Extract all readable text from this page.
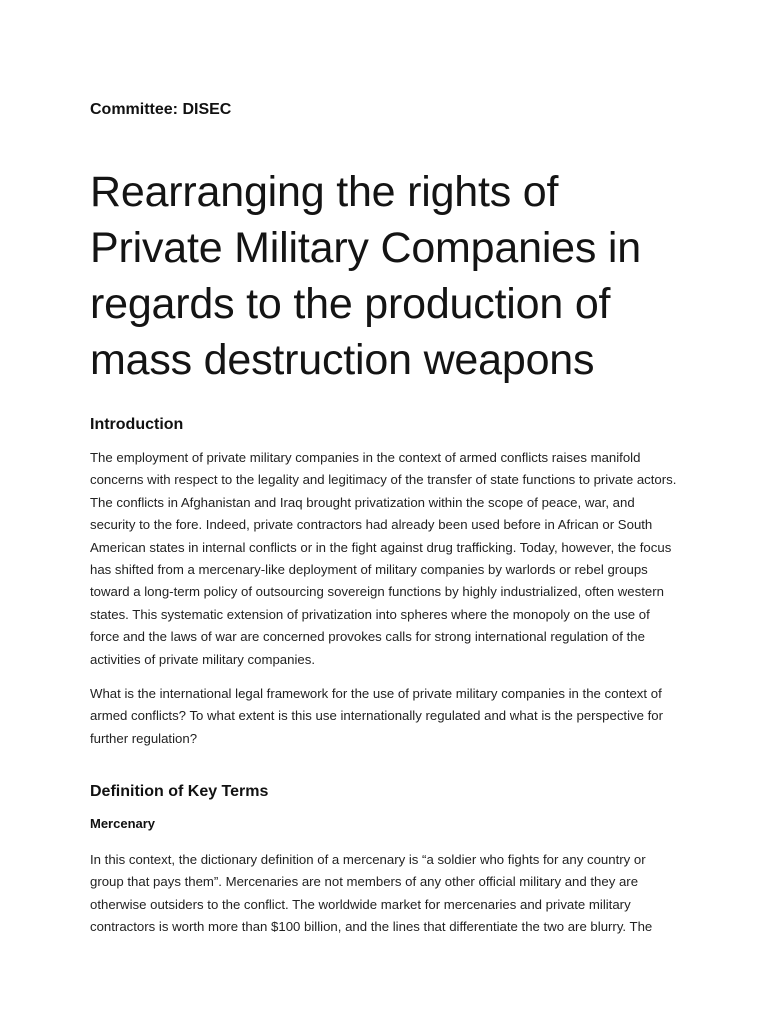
Committee: DISEC
Rearranging the rights of Private Military Companies in regards to the production of mass destruction weapons
Introduction

The employment of private military companies in the context of armed conflicts raises manifold concerns with respect to the legality and legitimacy of the transfer of state functions to private actors. The conflicts in Afghanistan and Iraq brought privatization within the scope of peace, war, and security to the fore. Indeed, private contractors had already been used before in African or South American states in internal conflicts or in the fight against drug trafficking. Today, however, the focus has shifted from a mercenary-like deployment of military companies by warlords or rebel groups toward a long-term policy of outsourcing sovereign functions by highly industrialized, often western states. This systematic extension of privatization into spheres where the monopoly on the use of force and the laws of war are concerned provokes calls for strong international regulation of the activities of private military companies.

What is the international legal framework for the use of private military companies in the context of armed conflicts? To what extent is this use internationally regulated and what is the perspective for further regulation?

Definition of Key Terms
Mercenary

In this context, the dictionary definition of a mercenary is “a soldier who fights for any country or group that pays them”. Mercenaries are not members of any other official military and they are otherwise outsiders to the conflict. The worldwide market for mercenaries and private military contractors is worth more than $100 billion, and the lines that differentiate the two are blurry. The
